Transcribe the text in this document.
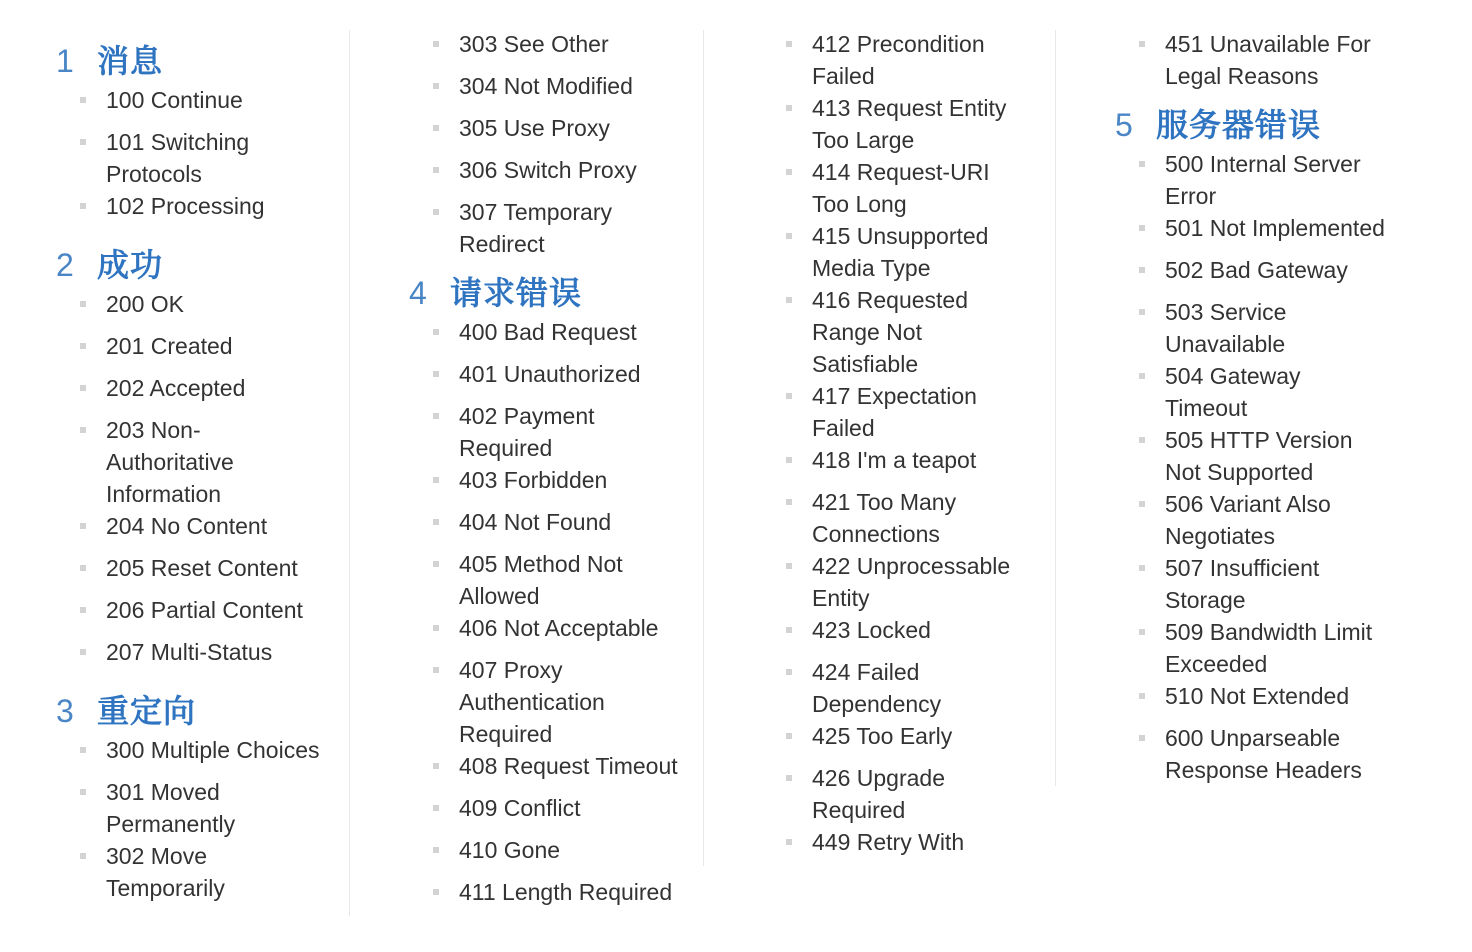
1 消息
2 成功
3 重定向
4 请求错误
5 服务器错误
100 Continue
101 Switching
Protocols
102 Processing
200 OK
201 Created
202 Accepted
203 Non-
Authoritative
Information
204 No Content
205 Reset Content
206 Partial Content
207 Multi-Status
300 Multiple Choices
301 Moved
Permanently
302 Move
Temporarily
303 See Other
304 Not Modified
305 Use Proxy
306 Switch Proxy
307 Temporary
Redirect
400 Bad Request
401 Unauthorized
402 Payment
Required
403 Forbidden
404 Not Found
405 Method Not
Allowed
406 Not Acceptable
407 Proxy
Authentication
Required
408 Request Timeout
409 Conflict
410 Gone
411 Length Required
412 Precondition
Failed
413 Request Entity
Too Large
414 Request-URI
Too Long
415 Unsupported
Media Type
416 Requested
Range Not
Satisfiable
417 Expectation
Failed
418 I'm a teapot
421 Too Many
Connections
422 Unprocessable
Entity
423 Locked
424 Failed
Dependency
425 Too Early
426 Upgrade
Required
449 Retry With
451 Unavailable For
Legal Reasons
500 Internal Server
Error
501 Not Implemented
502 Bad Gateway
503 Service
Unavailable
504 Gateway
Timeout
505 HTTP Version
Not Supported
506 Variant Also
Negotiates
507 Insufficient
Storage
509 Bandwidth Limit
Exceeded
510 Not Extended
600 Unparseable
Response Headers
